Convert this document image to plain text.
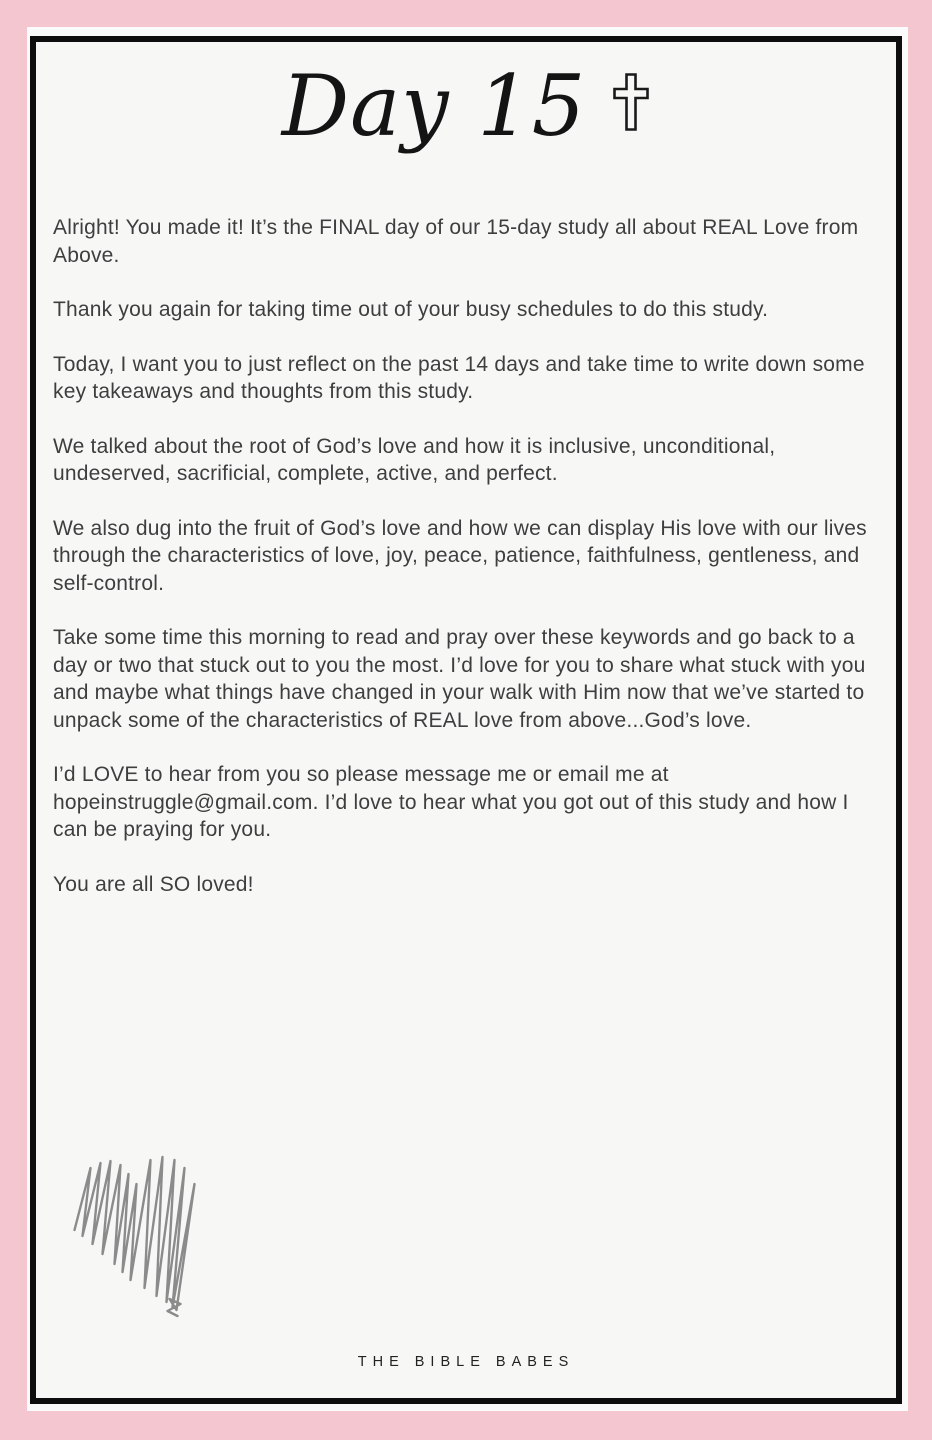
Day 15

Alright! You made it! It’s the FINAL day of our 15-day study all about REAL Love from Above.

Thank you again for taking time out of your busy schedules to do this study.

Today, I want you to just reflect on the past 14 days and take time to write down some key takeaways and thoughts from this study.

We talked about the root of God’s love and how it is inclusive, unconditional, undeserved, sacrificial, complete, active, and perfect.

We also dug into the fruit of God’s love and how we can display His love with our lives through the characteristics of love, joy, peace, patience, faithfulness, gentleness, and self-control.

Take some time this morning to read and pray over these keywords and go back to a day or two that stuck out to you the most. I’d love for you to share what stuck with you and maybe what things have changed in your walk with Him now that we’ve started to unpack some of the characteristics of REAL love from above...God’s love.

I’d LOVE to hear from you so please message me or email me at hopeinstruggle@gmail.com. I’d love to hear what you got out of this study and how I can be praying for you.

You are all SO loved!

THE BIBLE BABES
